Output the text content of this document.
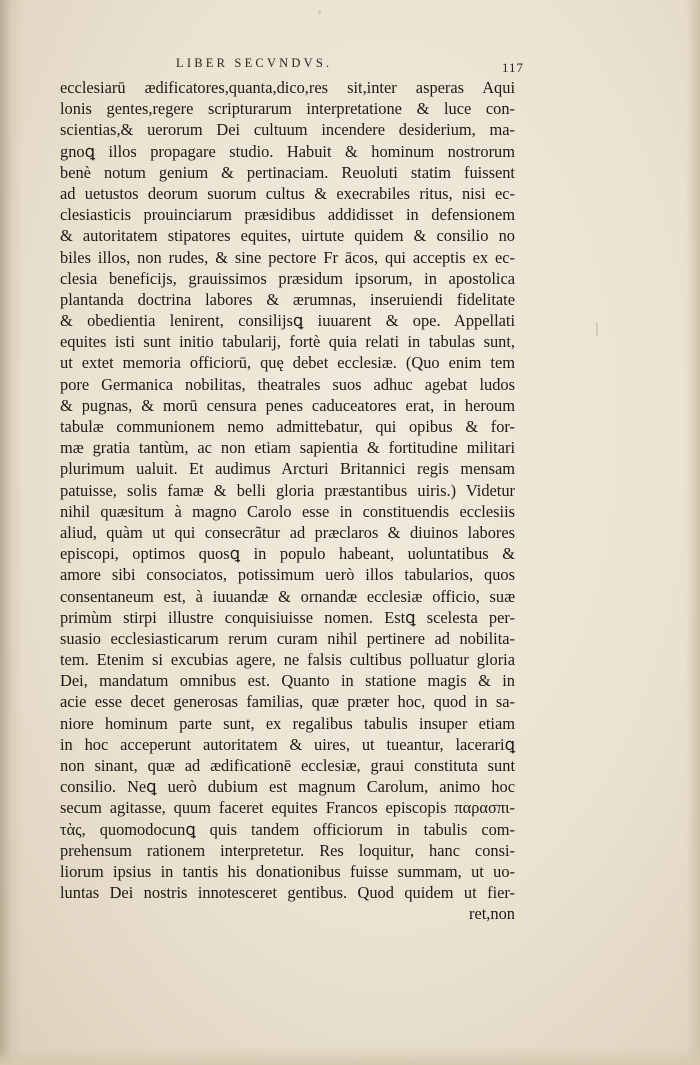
LIBER SECVNDVS.	117
ecclesiarū ædificatores,quanta,dico,res sit,inter asperas Aqui
lonis gentes,regere scripturarum interpretatione & luce con-
scientias,& uerorum Dei cultuum incendere desiderium, ma-
gnoꝗ illos propagare studio. Habuit & hominum nostrorum
benè notum genium & pertinaciam. Reuoluti statim fuissent
ad uetustos deorum suorum cultus & execrabiles ritus, nisi ec-
clesiasticis prouinciarum præsidibus addidisset in defensionem
& autoritatem stipatores equites, uirtute quidem & consilio no
biles illos, non rudes, & sine pectore Fr ācos, qui acceptis ex ec-
clesia beneficijs, grauissimos præsidum ipsorum, in apostolica
plantanda doctrina labores & ærumnas, inseruiendi fidelitate
& obedientia lenirent, consilijsꝗ iuuarent & ope. Appellati
equites isti sunt initio tabularij, fortè quia relati in tabulas sunt,
ut extet memoria officiorū, quę debet ecclesiæ. (Quo enim tem
pore Germanica nobilitas, theatrales suos adhuc agebat ludos
& pugnas, & morū censura penes caduceatores erat, in heroum
tabulæ communionem nemo admittebatur, qui opibus & for-
mæ gratia tantùm, ac non etiam sapientia & fortitudine militari
plurimum ualuit. Et audimus Arcturi Britannici regis mensam
patuisse, solis famæ & belli gloria præstantibus uiris.) Videtur
nihil quæsitum à magno Carolo esse in constituendis ecclesiis
aliud, quàm ut qui consecrãtur ad præclaros & diuinos labores
episcopi, optimos quosꝗ in populo habeant, uoluntatibus &
amore sibi consociatos, potissimum uerò illos tabularios, quos
consentaneum est, à iuuandæ & ornandæ ecclesiæ officio, suæ
primùm stirpi illustre conquisiuisse nomen. Estꝗ scelesta per-
suasio ecclesiasticarum rerum curam nihil pertinere ad nobilita-
tem. Etenim si excubias agere, ne falsis cultibus polluatur gloria
Dei, mandatum omnibus est. Quanto in statione magis & in
acie esse decet generosas familias, quæ præter hoc, quod in sa-
niore hominum parte sunt, ex regalibus tabulis insuper etiam
in hoc acceperunt autoritatem & uires, ut tueantur, lacerariꝗ
non sinant, quæ ad ædificationē ecclesiæ, graui constituta sunt
consilio. Neꝗ uerò dubium est magnum Carolum, animo hoc
secum agitasse, quum faceret equites Francos episcopis παρασπι-
τὰς, quomodocunꝗ quis tandem officiorum in tabulis com-
prehensum rationem interpretetur. Res loquitur, hanc consi-
liorum ipsius in tantis his donationibus fuisse summam, ut uo-
luntas Dei nostris innotesceret gentibus. Quod quidem ut fier-
ret,non
